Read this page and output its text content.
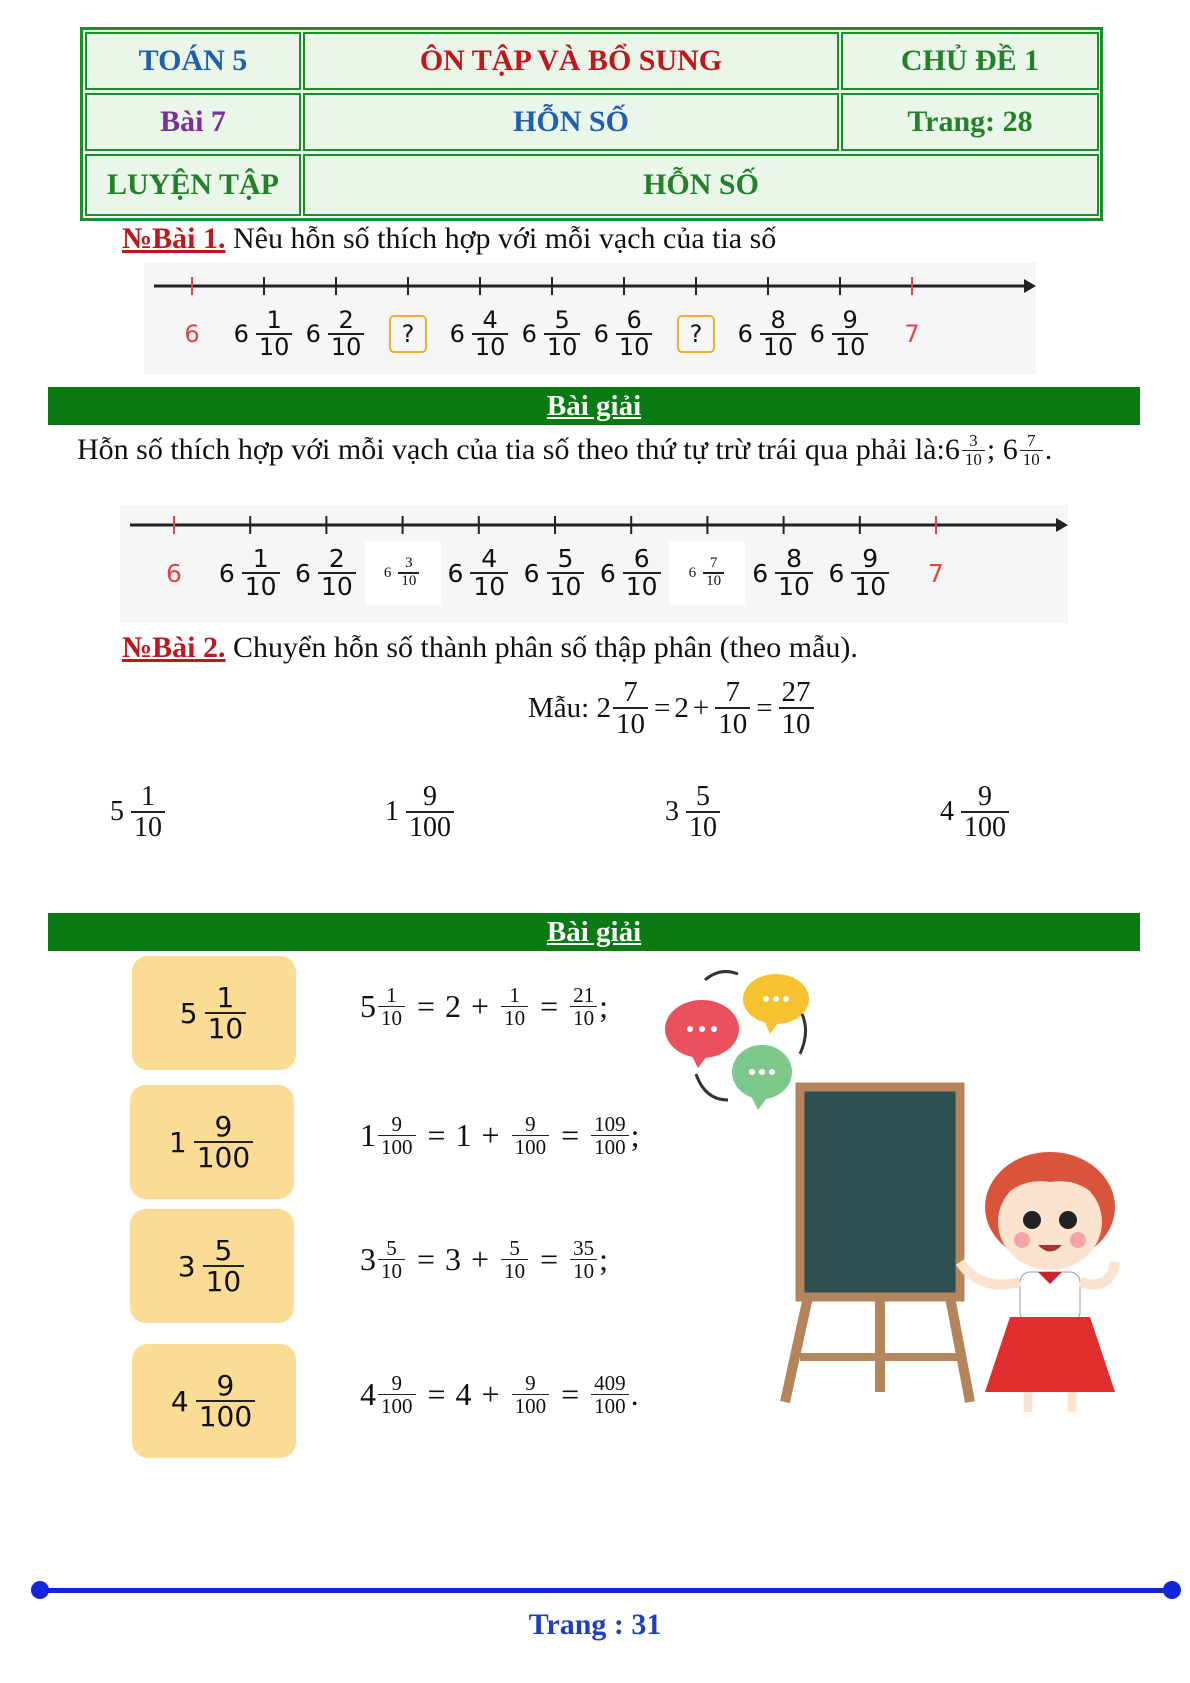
TOÁN 5	ÔN TẬP VÀ BỔ SUNG	CHỦ ĐỀ 1
Bài 7	HỖN SỐ	Trang: 28
LUYỆN TẬP	HỖN SỐ
№Bài 1. Nêu hỗn số thích hợp với mỗi vạch của tia số
6	7
$6 \frac{1}{10} 6 \frac{2}{10}$	?	$6 \frac{4}{10} 6 \frac{5}{10} 6 \frac{6}{10}$	?	$6 \frac{8}{10} 6 \frac{9}{10}$
Bài giải
Hỗn số thích hợp với mỗi vạch của tia số theo thứ tự trừ trái qua phải là: $6 \frac{3}{10}$ ; $6 \frac{7}{10}$ .
6	7
$6 \frac{1}{10} 6 \frac{2}{10} 6 \frac{3}{10} 6 \frac{4}{10} 6 \frac{5}{10} 6 \frac{6}{10} 6 \frac{7}{10} 6 \frac{8}{10} 6 \frac{9}{10}$
№Bài 2. Chuyển hỗn số thành phân số thập phân (theo mẫu).
Mẫu: $2 \frac{7}{10} = 2 + \frac{7}{10} = \frac{27}{10}$
$5 \frac{1}{10}$	$1 \frac{9}{100}$	$3 \frac{5}{10}$	$4 \frac{9}{100}$
Bài giải
$5 \frac{1}{10}$	$5 \frac{1}{10} = 2 + \frac{1}{10} = \frac{21}{10}$ ;
$1 \frac{9}{100}$	$1 \frac{9}{100} = 1 + \frac{9}{100} = \frac{109}{100}$ ;
$3 \frac{5}{10}$	$3 \frac{5}{10} = 3 + \frac{5}{10} = \frac{35}{10}$ ;
$4 \frac{9}{100}$	$4 \frac{9}{100} = 4 + \frac{9}{100} = \frac{409}{100}$ .
Trang : 31
